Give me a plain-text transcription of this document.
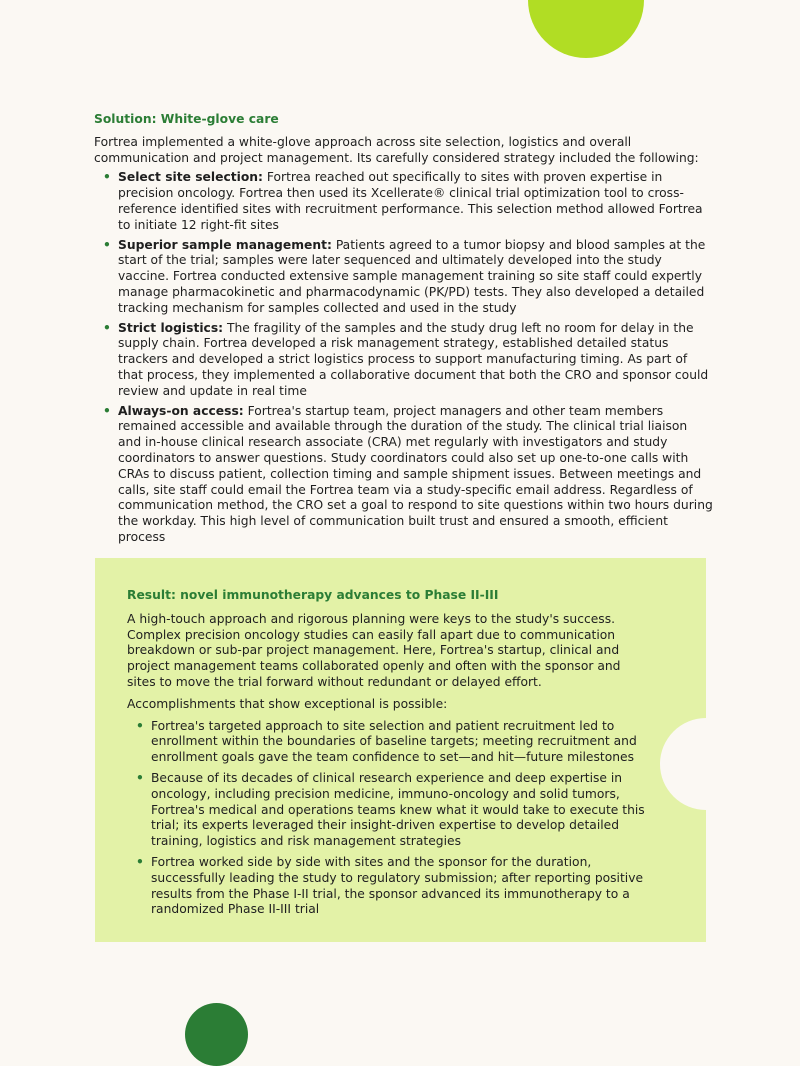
Solution: White-glove care

Fortrea implemented a white-glove approach across site selection, logistics and overall communication and project management. Its carefully considered strategy included the following:

• Select site selection: Fortrea reached out specifically to sites with proven expertise in precision oncology. Fortrea then used its Xcellerate® clinical trial optimization tool to cross-reference identified sites with recruitment performance. This selection method allowed Fortrea to initiate 12 right-fit sites
• Superior sample management: Patients agreed to a tumor biopsy and blood samples at the start of the trial; samples were later sequenced and ultimately developed into the study vaccine. Fortrea conducted extensive sample management training so site staff could expertly manage pharmacokinetic and pharmacodynamic (PK/PD) tests. They also developed a detailed tracking mechanism for samples collected and used in the study
• Strict logistics: The fragility of the samples and the study drug left no room for delay in the supply chain. Fortrea developed a risk management strategy, established detailed status trackers and developed a strict logistics process to support manufacturing timing. As part of that process, they implemented a collaborative document that both the CRO and sponsor could review and update in real time
• Always-on access: Fortrea's startup team, project managers and other team members remained accessible and available through the duration of the study. The clinical trial liaison and in-house clinical research associate (CRA) met regularly with investigators and study coordinators to answer questions. Study coordinators could also set up one-to-one calls with CRAs to discuss patient, collection timing and sample shipment issues. Between meetings and calls, site staff could email the Fortrea team via a study-specific email address. Regardless of communication method, the CRO set a goal to respond to site questions within two hours during the workday. This high level of communication built trust and ensured a smooth, efficient process
Result: novel immunotherapy advances to Phase II-III

A high-touch approach and rigorous planning were keys to the study's success. Complex precision oncology studies can easily fall apart due to communication breakdown or sub-par project management. Here, Fortrea's startup, clinical and project management teams collaborated openly and often with the sponsor and sites to move the trial forward without redundant or delayed effort.

Accomplishments that show exceptional is possible:

• Fortrea's targeted approach to site selection and patient recruitment led to enrollment within the boundaries of baseline targets; meeting recruitment and enrollment goals gave the team confidence to set—and hit—future milestones
• Because of its decades of clinical research experience and deep expertise in oncology, including precision medicine, immuno-oncology and solid tumors, Fortrea's medical and operations teams knew what it would take to execute this trial; its experts leveraged their insight-driven expertise to develop detailed training, logistics and risk management strategies
• Fortrea worked side by side with sites and the sponsor for the duration, successfully leading the study to regulatory submission; after reporting positive results from the Phase I-II trial, the sponsor advanced its immunotherapy to a randomized Phase II-III trial
